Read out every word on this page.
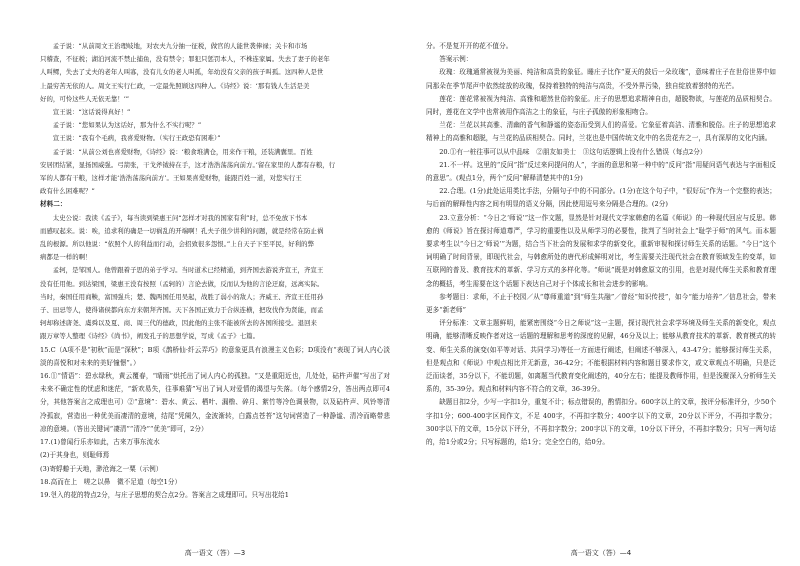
孟子说：“从前周文王治理岐地，对农夫九分抽一征税，做官的人能世袭俸禄；关卡和市场

只稽查，不征税；湖泊河流不禁止捕鱼，没有禁令；罪犯只惩罚本人，不株连家属。失去了妻子的老年

人叫鳏，失去了丈夫的老年人叫寡，没有儿女的老人叫孤，年幼没有父亲的孩子叫孤。这四种人是世

上最穷苦无依的人。周文王实行仁政，一定最先照顾这四种人。《诗经》说：‘那有钱人生活是美

好的，可怜这些人无依无靠！’”

宣王说：“这话说得真好！”

孟子说：“您如果认为这话好，那为什么不实行呢？”

宣王说：“我有个毛病，我喜爱财物。（实行王政恐有困难）”

孟子说：“从前公刘也喜爱财物，《诗经》说：‘粮食堆满仓，用来作干粮，还装满囊里。百姓

安居团结紧，显扬国威强。弓箭张，干戈斧钺持在手，这才浩浩荡荡向前方。’留在家里的人都有存粮，行

军的人都有干粮，这样才能‘浩浩荡荡向前方’。王如果喜爱财物，能跟百姓一道，对您实行王

政有什么困难呢？”

材料二：

太史公说：我读《孟子》，每当读到梁惠王问“怎样才对我的国家有利”时，总不免放下书本

而感叹起来。说：唉，追求利的确是一切祸乱的开端啊！孔夫子很少讲利的问题，就是经常在防止祸

乱的根源。所以他说：“依照个人的利益而行动，会招致很多怨恨。”上自天子下至平民，好利的弊

病都是一样的啊！

孟轲，是邹国人。他曾跟着子思的弟子学习。当时道术已经精通，到齐国去游说齐宣王，齐宣王

没有任用他。到达梁国，梁惠王没有按照（孟轲的）言论去做，反而认为他的言论迂腐，远离实际。

当时，秦国任用商鞅，富国强兵；楚、魏两国任用吴起，战胜了弱小的敌人；齐威王、齐宣王任用孙

子、田忌等人，使得诸侯都向东方来朝拜齐国。天下各国正致力于合纵连横，把攻伐作为贤能，而孟

轲却称述唐尧、虞舜以及夏、商、周三代的德政，因此他的主张不能被所去的各国所接受。退回来

跟万章等人整理《诗经》《尚书》，阐发孔子的思想学说，写成《孟子》七篇。

15.C（A项不是“初秋”而是“深秋”；B项《鹊桥仙·纤云弄巧》的意象更具有浪漫主义色彩；D项没有“表现了词人内心淡淡的喜悦和对未来的美好憧憬”。）

16.①“情语”：碧水绿秋，黄云覆春，“晴雨”烘托出了词人内心的孤独。“又是重阳近也，几处处，砧杵声催”写出了对未来不确定性的忧虑和迷茫，“新欢易失，往事难猜”写出了词人对爱情的渴望与失落。（每个感情2分，答出两点即可4分，其他答案言之成理也可）②“意境”：碧水、黄云、栖叶、漏橹、碎月、絮竹等冷色调景物，以及砧杵声、风铃等清冷孤寂，营造出一种优美而凄清的意境，结尾“凭阑久，金波渐转，白露点苍苔”这句词营造了一种静谧、清冷而略带悲凉的意境。（答出关键词“凄清”“清冷”“优美”即可，2分）

17.(1)曾闻行乐亦如此，古来万事东流水

(2)于其身也，则耻师焉

(3)寄蜉蝣于天地，渺沧海之一粟（示例）

18.高而在上　嗟之以鼻　微不足道（每空1分）

19.현入的花的特点2分，与庄子思想的契合点2分。答案言之成理即可。只写出花给1

分。不是复开开的花不值分。

答案示例：

玫瑰：玫瑰通常被视为美丽、纯洁和高贵的象征。睡庄子比作“夏天的鼓后一朵玫瑰”，意味着庄子在世俗世界中如同那朵在季节尾声中依然绽放的玫瑰，保持着独特的纯洁与高贵，不受外界污染，独自绽放着独特的光芒。

莲花：莲花常被视为纯洁、高雅和超然世俗的象征。庄子的思想追求精神自由，超脱物欲，与莲花的品质相契合。同时，莲花在文学中也常被用作高洁之士的象征，与庄子孤傲的形象相吻合。

兰花：兰花以其高雅、清幽的香气和静谧的姿态而受到人们的喜爱。它象征着高洁、清雅和脱俗。庄子的思想追求精神上的高雅和超脱，与兰花的品质相契合。同时，兰花也是中国传统文化中的名贵花卉之一，具有深厚的文化内涵。

20.①有一桩往事可以从中品味　②朋友如美士　③这句话逻辑上没有什么错误（每点2分）

21.不一样。这里的“反问”指“反过来问提问的人”，字面的意思和第一种中的“反问”指“用疑问语气表达与字面相反的意思”。(观点1分，两个“反问”解释清楚其中的1分)

22.合理。(1分)此处运用类比手法，分隔句子中的不同部分。(1分)在这个句子中，“很好玩”作为一个完整的表达；与后面的解释性内容之间有明显的语义分隔，因此使用逗号来分隔是合理的。(2分)

23.立意分析：“今日之‘师说’”这一作文题，显然是针对现代文学家韩愈的名篇《师说》的一种现代回应与反思。韩愈的《师说》旨在探讨师道尊严，学习的重要性以及从师学习的必要性，批判了当时社会上“耻学于师”的风气。而本题要求考生以“今日之‘师说’”为题，结合当下社会的发展和求学的新变化，重新审视和探讨师生关系的话题。“今日”这个词明确了时间背景，即现代社会，与韩愈所处的唐代形成鲜明对比，考生需要关注现代社会在教育领域发生的变革，如互联网的普及、教育技术的革新、学习方式的多样化等。“师说”既是对韩愈原文的引用，也是对现代师生关系和教育理念的概括，考生需要在这个话题下表达自己对于个体成长和社会进步的影响。

参考题目：求师，不止于校园／从“尊师重道”到“师生共融”／曾经“知识传授”，如今“能力培养”／信息社会，带来更多“新老师”

评分标准：文章主题鲜明，能紧密围绕“今日之师说”这一主题，探讨现代社会求学环境及师生关系的新变化，观点明确，能够清晰反映作者对这一话题的理解和思考的深度的见解，46分及以上；能够从教育技术的革新、教育模式的转变、师生关系的演变(如平等对话、共同学习)等任一方面进行阐述，但阐述不够深入，43-47分；能够探讨师生关系，但是观点和《师说》中观点相比并无新意，36-42分；不能根据材料内容和题目要求作文，或文章观点不明确，只是泛泛而谈者，35分以下，不能切题，如离题当代教育变化阐述的，40分左右；能提及教师作用，但是浅聚深入分析师生关系的，35-39分。观点和材料内容不符合的文章，36-39分。

缺题目扣2分，少写一字扣1分，重复不计；标点错误的，酌情扣分。600字以上的文章，按评分标准评分，少50个字扣1分；600-400字区间作文，不足 400字，不再扣字数分；400字以下的文章，20分以下评分，不再扣字数分；300字以下的文章，15分以下评分，不再扣字数分；200字以下的文章，10分以下评分，不再扣字数分；只写一两句话的，给1分或2分；只写标题的，给1分；完全空白的，给0分。

高一语文（答）—3	高一语文（答）—4
